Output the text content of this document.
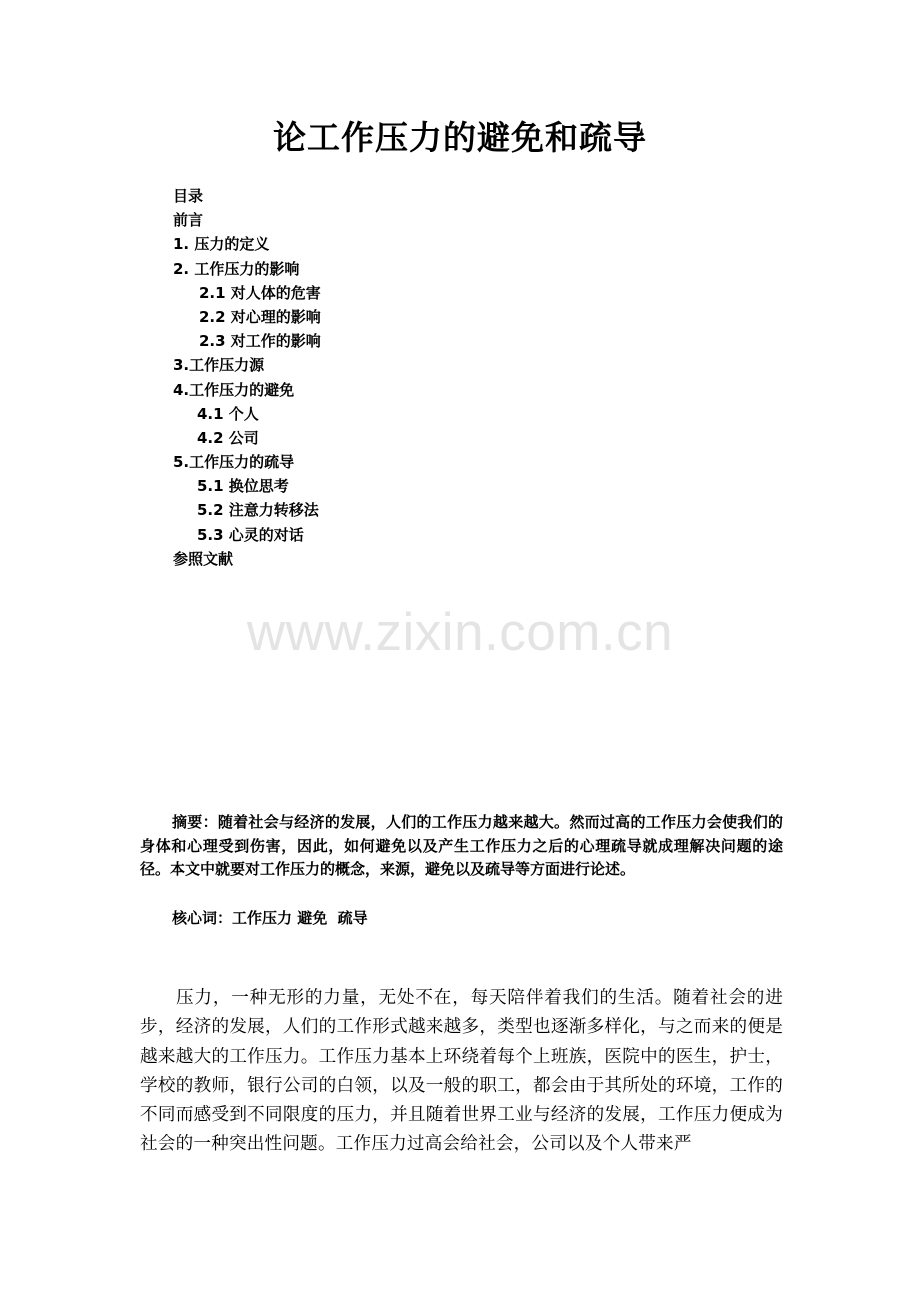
论工作压力的避免和疏导
目录
前言
1. 压力的定义
2. 工作压力的影响
2.1 对人体的危害
2.2 对心理的影响
2.3 对工作的影响
3.工作压力源
4.工作压力的避免
4.1 个人
4.2 公司
5.工作压力的疏导
5.1 换位思考
5.2 注意力转移法
5.3 心灵的对话
参照文献
www.zixin.com.cn
摘要：随着社会与经济的发展，人们的工作压力越来越大。然而过高的工作压力会使我们的身体和心理受到伤害，因此，如何避免以及产生工作压力之后的心理疏导就成理解决问题的途径。本文中就要对工作压力的概念，来源，避免以及疏导等方面进行论述。
核心词：工作压力 避免  疏导
压力，一种无形的力量，无处不在，每天陪伴着我们的生活。随着社会的进步，经济的发展，人们的工作形式越来越多，类型也逐渐多样化，与之而来的便是越来越大的工作压力。工作压力基本上环绕着每个上班族，医院中的医生，护士，学校的教师，银行公司的白领，以及一般的职工，都会由于其所处的环境，工作的不同而感受到不同限度的压力，并且随着世界工业与经济的发展，工作压力便成为社会的一种突出性问题。工作压力过高会给社会，公司以及个人带来严
